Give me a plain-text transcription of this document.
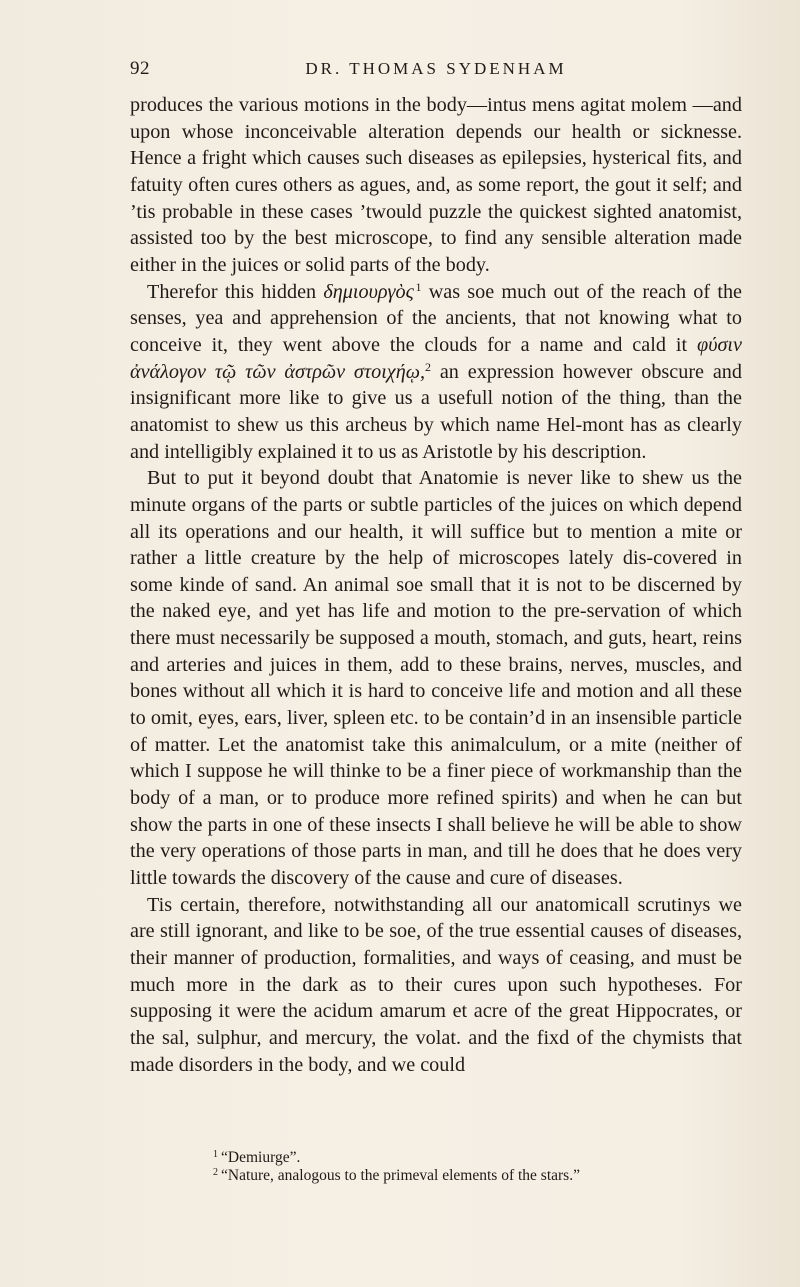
92	DR. THOMAS SYDENHAM

produces the various motions in the body—intus mens agitat molem —and upon whose inconceivable alteration depends our health or sicknesse. Hence a fright which causes such diseases as epilepsies, hysterical fits, and fatuity often cures others as agues, and, as some report, the gout it self; and ’tis probable in these cases ’twould puzzle the quickest sighted anatomist, assisted too by the best microscope, to find any sensible alteration made either in the juices or solid parts of the body.

Therefor this hidden δημιουργὸς  $^1$ was soe much out of the reach of the senses, yea and apprehension of the ancients, that not knowing what to conceive it, they went above the clouds for a name and cald it φύσιν ἀνάλογον τῷ τῶν ἀστρῶν στοιχήῳ,$^2$ an expression however obscure and insignificant more like to give us a usefull notion of the thing, than the anatomist to shew us this archeus by which name Hel-mont has as clearly and intelligibly explained it to us as Aristotle by his description.

But to put it beyond doubt that Anatomie is never like to shew us the minute organs of the parts or subtle particles of the juices on which depend all its operations and our health, it will suffice but to mention a mite or rather a little creature by the help of microscopes lately dis-covered in some kinde of sand. An animal soe small that it is not to be discerned by the naked eye, and yet has life and motion to the pre-servation of which there must necessarily be supposed a mouth, stomach, and guts, heart, reins and arteries and juices in them, add to these brains, nerves, muscles, and bones without all which it is hard to conceive life and motion and all these to omit, eyes, ears, liver, spleen etc. to be contain’d in an insensible particle of matter. Let the anatomist take this animalculum, or a mite (neither of which I suppose he will thinke to be a finer piece of workmanship than the body of a man, or to produce more refined spirits) and when he can but show the parts in one of these insects I shall believe he will be able to show the very operations of those parts in man, and till he does that he does very little towards the discovery of the cause and cure of diseases.

Tis certain, therefore, notwithstanding all our anatomicall scrutinys we are still ignorant, and like to be soe, of the true essential causes of diseases, their manner of production, formalities, and ways of ceasing, and must be much more in the dark as to their cures upon such hypotheses. For supposing it were the acidum amarum et acre of the great Hippocrates, or the sal, sulphur, and mercury, the volat. and the fixd of the chymists that made disorders in the body, and we could

$^1$ “Demiurge”.
$^2$ “Nature, analogous to the primeval elements of the stars.”
